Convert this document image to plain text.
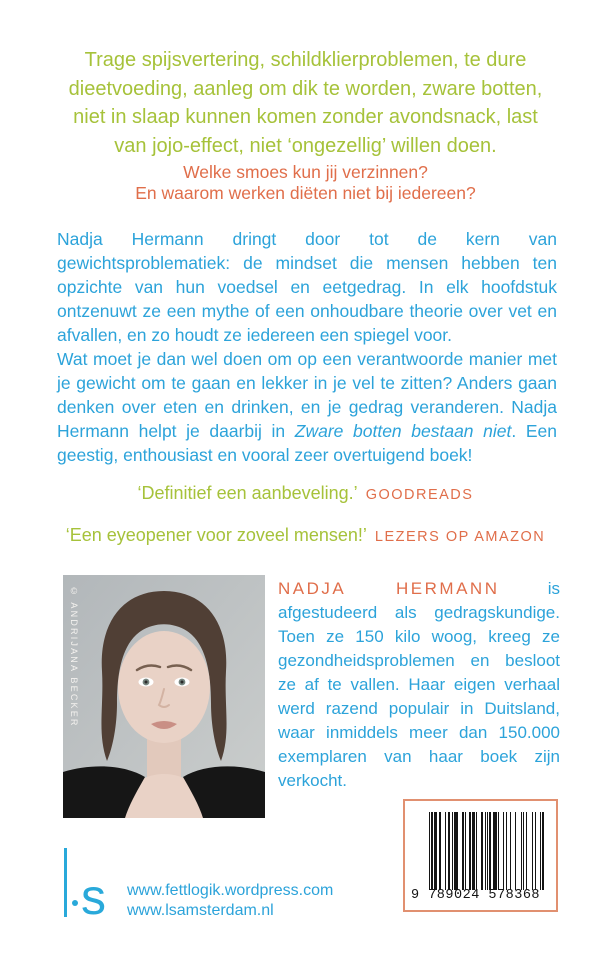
Trage spijsvertering, schildklierproblemen, te dure
dieetvoeding, aanleg om dik te worden, zware botten,
niet in slaap kunnen komen zonder avondsnack, last
van jojo-effect, niet ‘ongezellig’ willen doen.
Welke smoes kun jij verzinnen?
En waarom werken diëten niet bij iedereen?

Nadja Hermann dringt door tot de kern van gewichtsproblematiek: de mindset die mensen hebben ten opzichte van hun voedsel en eetgedrag. In elk hoofdstuk ontzenuwt ze een mythe of een onhoudbare theorie over vet en afvallen, en zo houdt ze iedereen een spiegel voor.

Wat moet je dan wel doen om op een verantwoorde manier met je gewicht om te gaan en lekker in je vel te zitten? Anders gaan denken over eten en drinken, en je gedrag veranderen. Nadja Hermann helpt je daarbij in Zware botten bestaan niet. Een geestig, enthousiast en vooral zeer overtuigend boek!

‘Definitief een aanbeveling.’ GOODREADS
‘Een eyeopener voor zoveel mensen!’ LEZERS OP AMAZON
© ANDRIJANA BECKER	NADJA HERMANN is afgestudeerd als gedragskundige. Toen ze 150 kilo woog, kreeg ze gezondheidsproblemen en besloot ze af te vallen. Haar eigen verhaal werd razend populair in Duitsland, waar inmiddels meer dan 150.000 exemplaren van haar boek zijn verkocht.
s www.fettlogik.wordpress.com
www.lsamsterdam.nl
9 789024 578368
